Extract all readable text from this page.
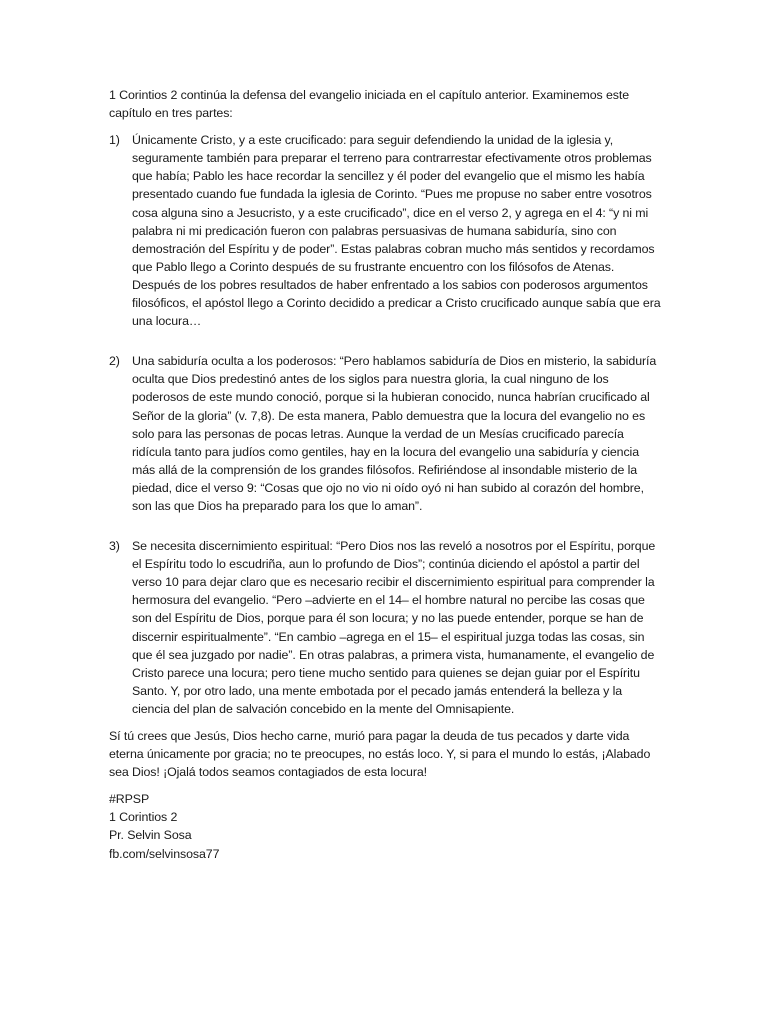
1 Corintios 2 continúa la defensa del evangelio iniciada en el capítulo anterior. Examinemos este capítulo en tres partes:

1) Únicamente Cristo, y a este crucificado: para seguir defendiendo la unidad de la iglesia y, seguramente también para preparar el terreno para contrarrestar efectivamente otros problemas que había; Pablo les hace recordar la sencillez y él poder del evangelio que el mismo les había presentado cuando fue fundada la iglesia de Corinto. “Pues me propuse no saber entre vosotros cosa alguna sino a Jesucristo, y a este crucificado”, dice en el verso 2, y agrega en el 4: “y ni mi palabra ni mi predicación fueron con palabras persuasivas de humana sabiduría, sino con demostración del Espíritu y de poder”. Estas palabras cobran mucho más sentidos y recordamos que Pablo llego a Corinto después de su frustrante encuentro con los filósofos de Atenas. Después de los pobres resultados de haber enfrentado a los sabios con poderosos argumentos filosóficos, el apóstol llego a Corinto decidido a predicar a Cristo crucificado aunque sabía que era una locura…
2) Una sabiduría oculta a los poderosos: “Pero hablamos sabiduría de Dios en misterio, la sabiduría oculta que Dios predestinó antes de los siglos para nuestra gloria, la cual ninguno de los poderosos de este mundo conoció, porque si la hubieran conocido, nunca habrían crucificado al Señor de la gloria” (v. 7,8). De esta manera, Pablo demuestra que la locura del evangelio no es solo para las personas de pocas letras. Aunque la verdad de un Mesías crucificado parecía ridícula tanto para judíos como gentiles, hay en la locura del evangelio una sabiduría y ciencia más allá de la comprensión de los grandes filósofos. Refiriéndose al insondable misterio de la piedad, dice el verso 9: “Cosas que ojo no vio ni oído oyó ni han subido al corazón del hombre, son las que Dios ha preparado para los que lo aman”.
3) Se necesita discernimiento espiritual: “Pero Dios nos las reveló a nosotros por el Espíritu, porque el Espíritu todo lo escudriña, aun lo profundo de Dios”; continúa diciendo el apóstol a partir del verso 10 para dejar claro que es necesario recibir el discernimiento espiritual para comprender la hermosura del evangelio. “Pero –advierte en el 14– el hombre natural no percibe las cosas que son del Espíritu de Dios, porque para él son locura; y no las puede entender, porque se han de discernir espiritualmente”. “En cambio –agrega en el 15– el espiritual juzga todas las cosas, sin que él sea juzgado por nadie”. En otras palabras, a primera vista, humanamente, el evangelio de Cristo parece una locura; pero tiene mucho sentido para quienes se dejan guiar por el Espíritu Santo. Y, por otro lado, una mente embotada por el pecado jamás entenderá la belleza y la ciencia del plan de salvación concebido en la mente del Omnisapiente.

Sí tú crees que Jesús, Dios hecho carne, murió para pagar la deuda de tus pecados y darte vida eterna únicamente por gracia; no te preocupes, no estás loco. Y, si para el mundo lo estás, ¡Alabado sea Dios! ¡Ojalá todos seamos contagiados de esta locura!

#RPSP
1 Corintios 2
Pr. Selvin Sosa
fb.com/selvinsosa77
